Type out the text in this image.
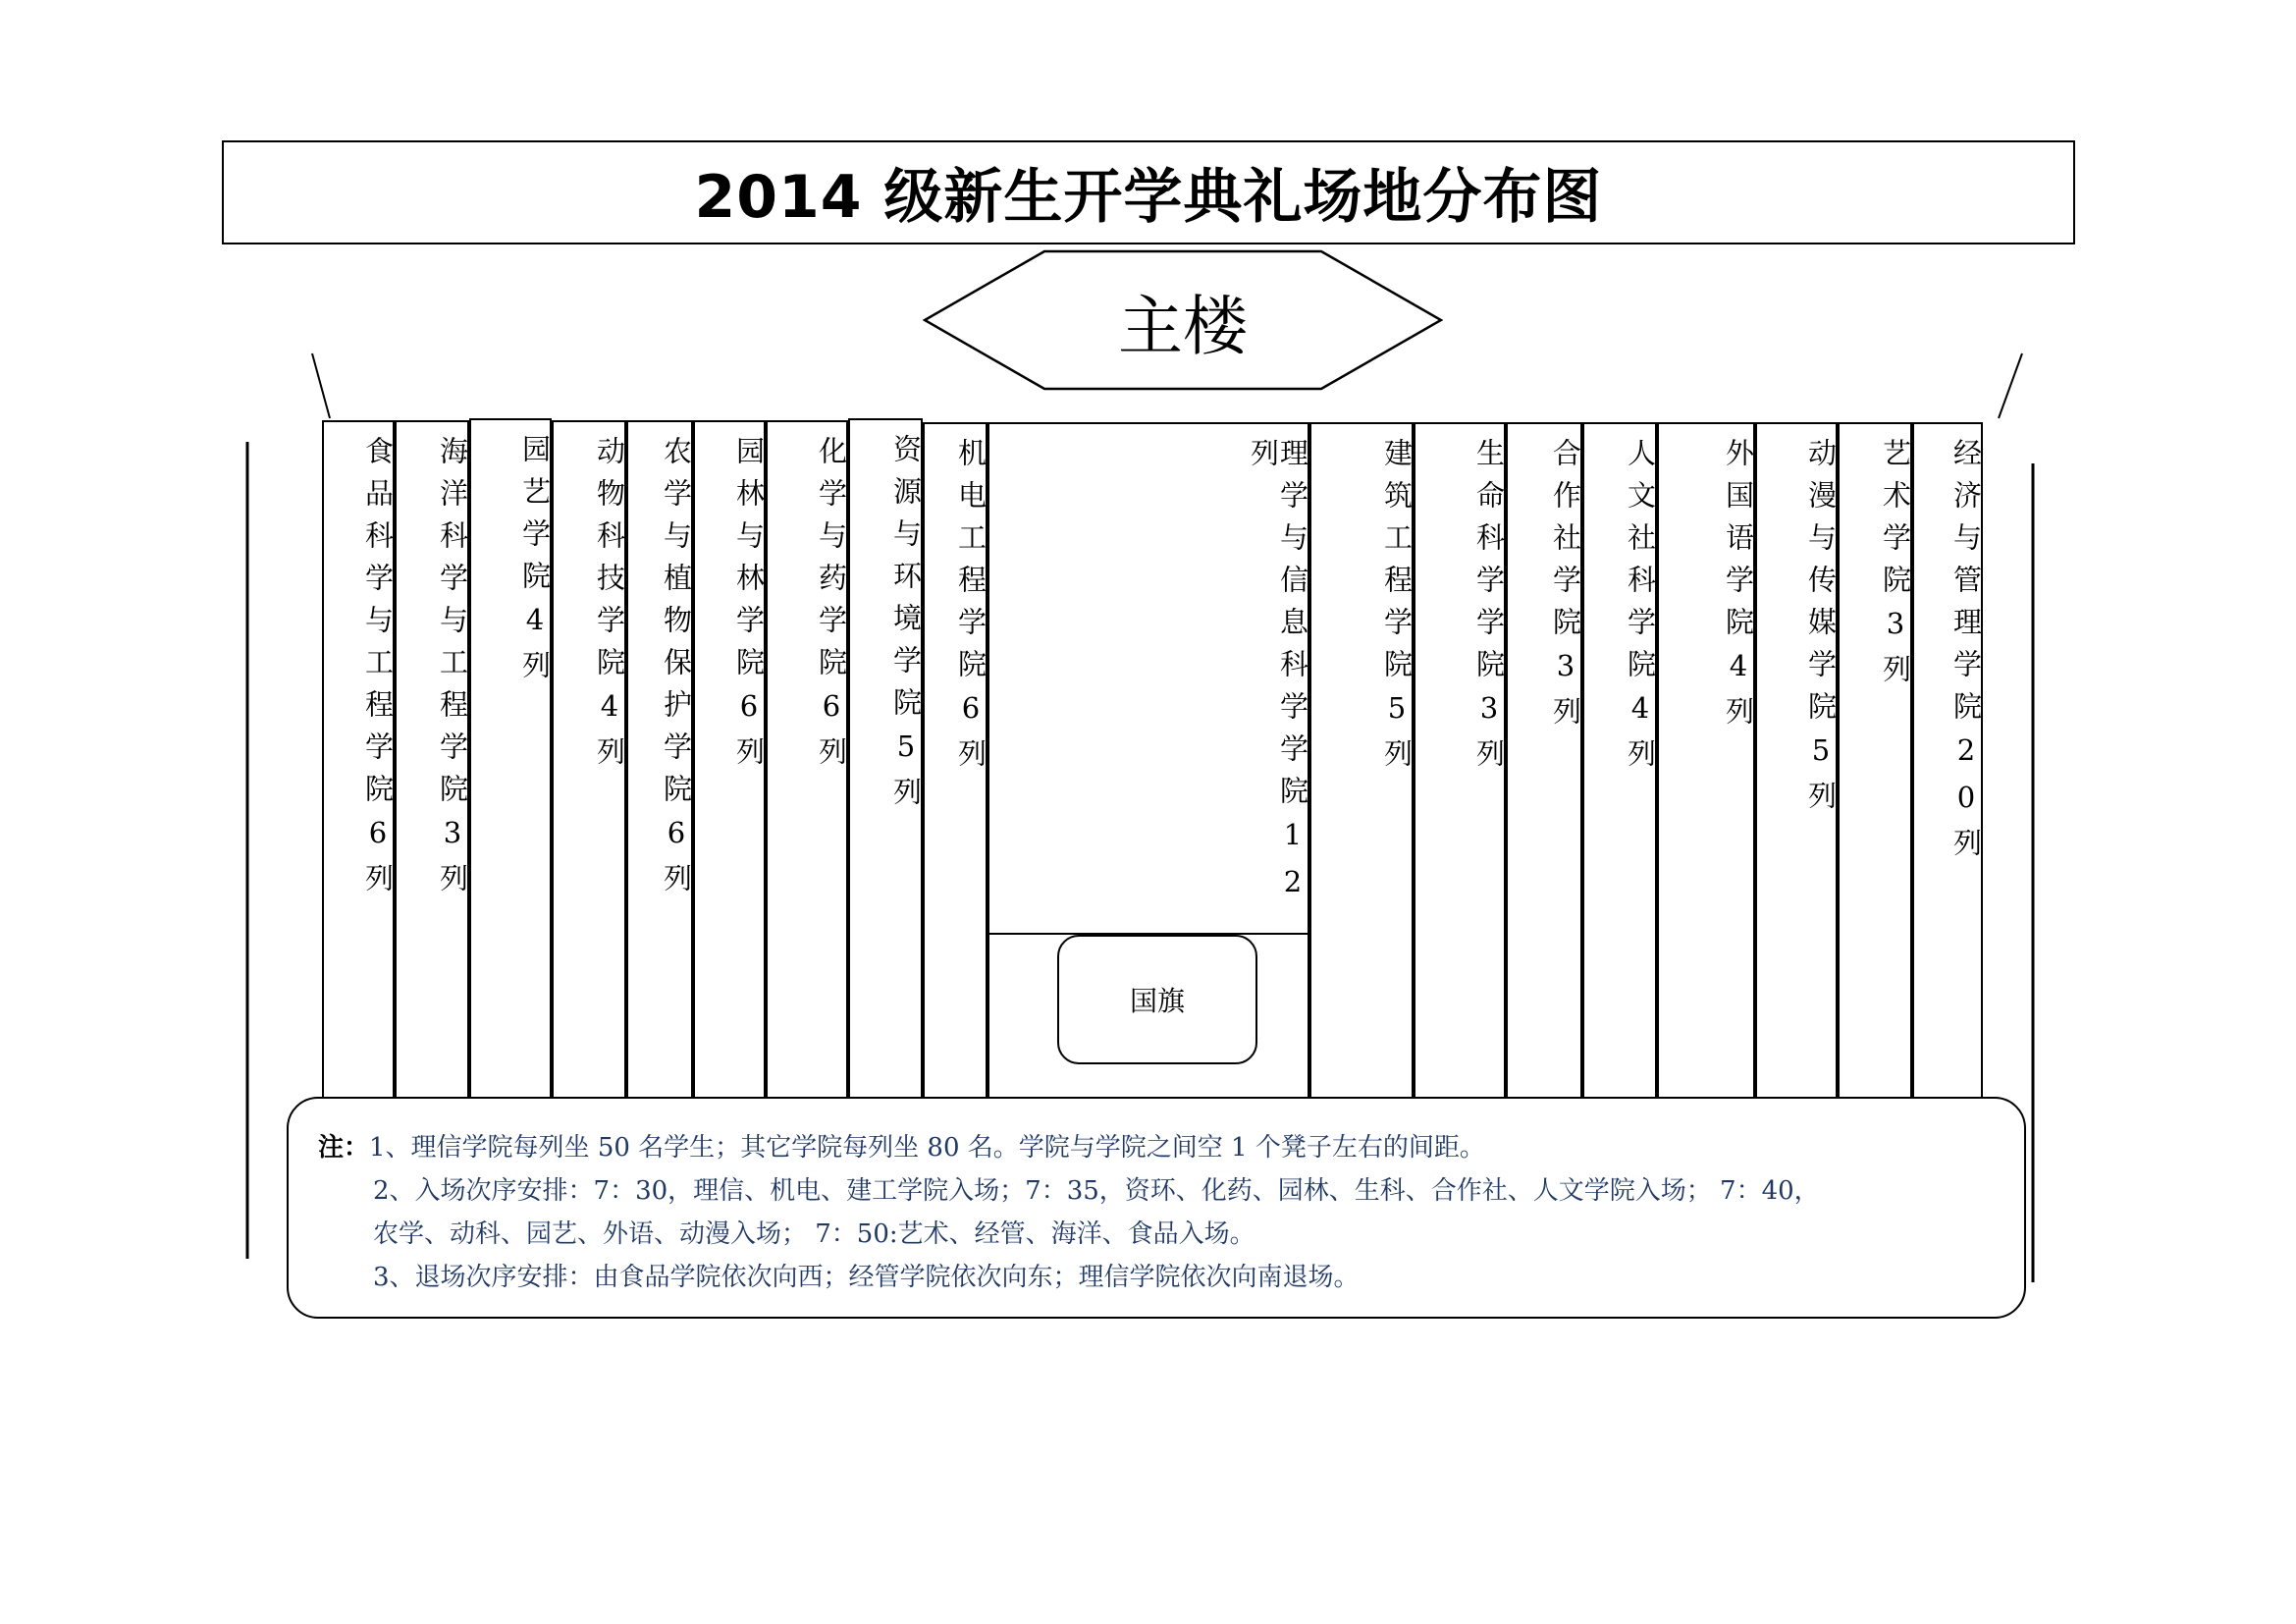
2014 级新生开学典礼场地分布图
主楼
食品科学与工程学院6列	海洋科学与工程学院3列	园艺学院4列	动物科技学院4列	农学与植物保护学院6列	园林与林学院6列	化学与药学院6列	资源与环境学院5列	机电工程学院6列	理学与信息科学学院12列	建筑工程学院5列	生命科学学院3列	合作社学院3列	人文社科学院4列	外国语学院4列	动漫与传媒学院5列	艺术学院3列	经济与管理学院20列
国旗
注：1、理信学院每列坐 50 名学生；其它学院每列坐 80 名。学院与学院之间空 1 个凳子左右的间距。
2、入场次序安排：7：30，理信、机电、建工学院入场；7：35，资环、化药、园林、生科、合作社、人文学院入场； 7：40，
农学、动科、园艺、外语、动漫入场； 7：50:艺术、经管、海洋、食品入场。
3、退场次序安排：由食品学院依次向西；经管学院依次向东；理信学院依次向南退场。
